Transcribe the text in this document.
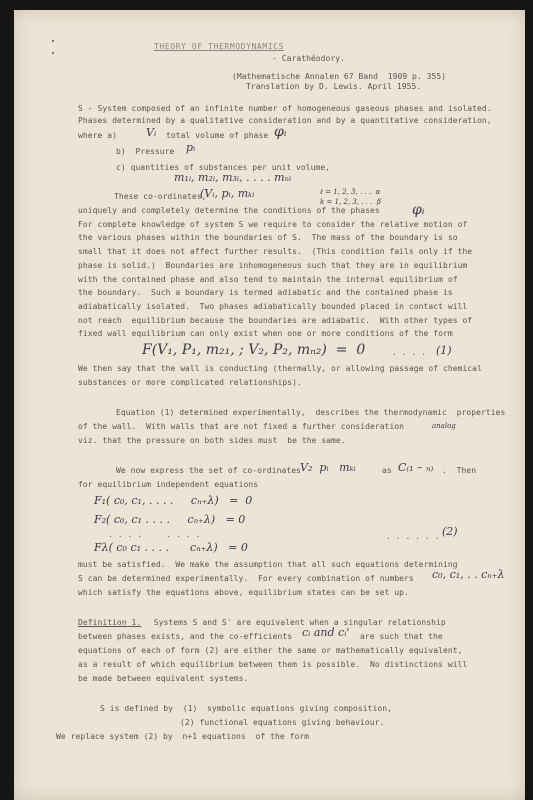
THEORY OF THERMODYNAMICS
- Carathéodory.
(Mathematische Annalen 67 Band  1909 p. 355)
Translation by D. Lewis. April 1955.
S - System composed of an infinite number of homogeneous gaseous phases and isolated.
Phases determined by a qualitative consideration and by a quantitative consideration,
where a)	Vᵢ total volume of phase φᵢ
b)  Pressure pᵢ
c) quantities of substances per unit volume,
m₁ᵢ, m₂ᵢ, m₃ᵢ, . . . . mₙᵢ
These co-ordinates,
(Vᵢ, pᵢ, mₖᵢ	ℓ = 1, 2, 3, . . .  α
k = 1, 2, 3, . . .  β φᵢ
uniquely and completely determine the conditions of the phases
For complete knowledge of system S we require to consider the relative motion of
the various phases within the boundaries of S.  The mass of the boundary is so
small that it does not affect further results.  (This condition fails only if the
phase is solid.)  Boundaries are inhomogeneous such that they are in equilibrium
with the contained phase and also tend to maintain the internal equilibrium of
the boundary.  Such a boundary is termed adiabatic and the contained phase is
adiabatically isolated.  Two phases adiabatically bounded placed in contact will
not reach  equilibrium because the boundaries are adiabatic.  With other types of
fixed wall equilibrium can only exist when one or more conditions of the form
F(V₁, P₁, m₂₁, ; V₂, P₂, mₙ₂)  =  0	. . . . (1)
We then say that the wall is conducting (thermally, or allowing passage of chemical
substances or more complicated relationships).
Equation (1) determined experimentally,  describes the thermodynamic  properties
of the wall.  With walls that are not fixed a further consideration	analog
viz. that the pressure on both sides must  be the same.
We now express the set of co-ordinates V₂  pᵢ   mₖᵢ	as C₍₁ – ₙ₎ .  Then
for equilibrium independent equations
F₁( c₀, c₁, . . . .     cₙ₊λ)   =  0
F₂( c₀, c₁ . . . .     cₙ₊λ)   = 0
. . . .     . . . .	. . . . . . (2)
Fλ( c₀ c₁ . . . .      cₙ₊λ)   = 0
must be satisfied.  We make the assumption that all such equations determining
S can be determined experimentally.  For every combination of numbers c₀, c₁, . . cₙ₊λ
which satisfy the equations above, equilibrium states can be set up.
Definition 1. Systems S and S' are equivalent when a singular relationship
between phases exists, and the co-efficients cᵢ and cᵢ' are such that the
equations of each of form (2) are either the same or mathematically equivalent,
as a result of which equilibrium between them is possible.  No distinctions will
be made between equivalent systems.
S is defined by  (1)  symbolic equations giving composition,
(2) functional equations giving behaviour.
We replace system (2) by  n+1 equations  of the form
